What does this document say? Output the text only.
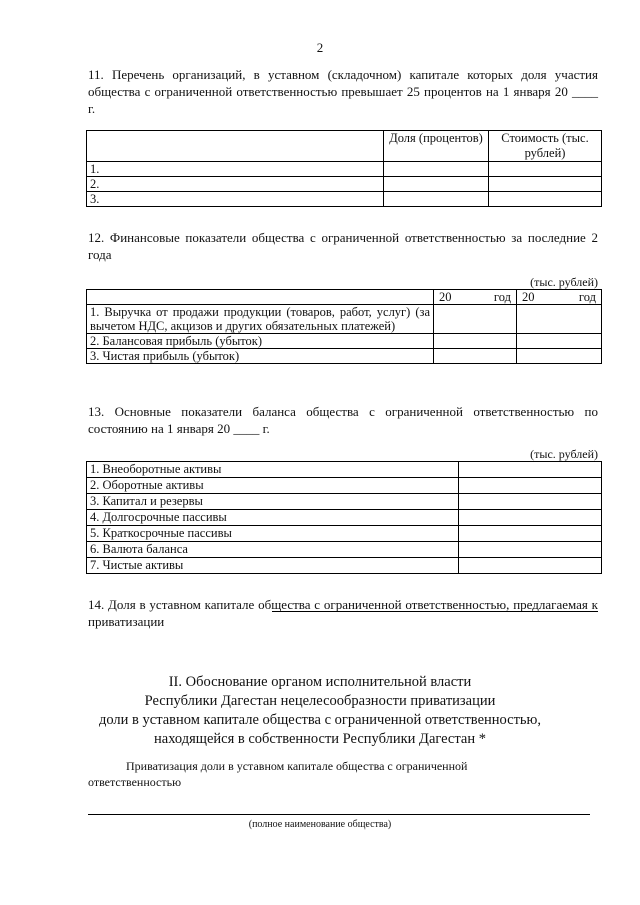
2
11. Перечень организаций, в уставном (складочном) капитале которых доля участия общества с ограниченной ответственностью превышает 25 процентов на 1 января 20 ____ г.
	Доля (процентов)	Стоимость (тыс. рублей)
1.		
2.		
3.		
12. Финансовые показатели общества с ограниченной ответственностью за последние 2 года
(тыс. рублей)

	20 год	20 год

1. Выручка от продажи продукции (товаров, работ, услуг) (за вычетом НДС, акцизов и других обязательных платежей)		
2. Балансовая прибыль (убыток)		
3. Чистая прибыль (убыток)		
13. Основные показатели баланса общества с ограниченной ответственностью по состоянию на 1 января 20 ____ г.
(тыс. рублей)
1. Внеоборотные активы	
2. Оборотные активы	
3. Капитал и резервы	
4. Долгосрочные пассивы	
5. Краткосрочные пассивы	
6. Валюта баланса	
7. Чистые активы	
14. Доля в уставном капитале общества с ограниченной ответственностью, предлагаемая к приватизации
II. Обоснование органом исполнительной власти
Республики Дагестан нецелесообразности приватизации
доли в уставном капитале общества с ограниченной ответственностью,
находящейся в собственности Республики Дагестан *
Приватизация доли в уставном капитале общества с ограниченной ответственностью
(полное наименование общества)
